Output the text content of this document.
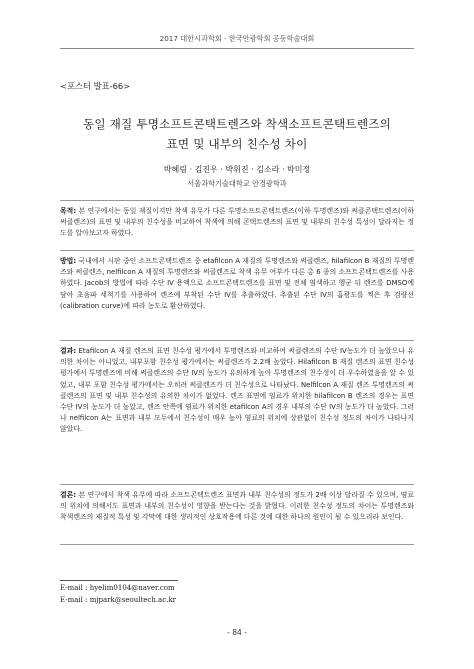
2017 대한시과학회 · 한국안광학회 공동학술대회
<포스터 발표-66>
동일 재질 투명소프트콘택트렌즈와 착색소프트콘택트렌즈의
표면 및 내부의 친수성 차이
박혜림 · 김진우 · 박휘진 · 김소라 · 박미정
서울과학기술대학교 안경광학과
목적: 본 연구에서는 동일 재질이지만 착색 유무가 다른 투명소프트콘택트렌즈(이하 투명렌즈)와 써클콘택트렌즈(이하 써클렌즈)의 표면 및 내부의 친수성을 비교하여 착색에 의해 콘택트렌즈의 표면 및 내부의 친수성 특성이 달라지는 정도를 알아보고자 하였다.
방법: 국내에서 시판 중인 소프트콘택트렌즈 중 etafilcon A 재질의 투명렌즈와 써클렌즈, hilafilcon B 재질의 투명렌즈와 써클렌즈, nelfilcon A 재질의 투명렌즈와 써클렌즈로 착색 유무 여부가 다른 총 6 종의 소프트콘택트렌즈를 사용하였다. Jacob의 방법에 따라 수단 IV 용액으로 소프트콘택트렌즈를 표면 및 전체 염색하고 헹군 뒤 렌즈를 DMSO에 담아 초음파 세척기를 사용하여 렌즈에 부착된 수단 IV를 추출하였다. 추출된 수단 IV의 흡광도를 찍은 후 검량선(calibration curve)에 따라 농도로 환산하였다.
결과: Etafilcon A 재질 렌즈의 표면 친수성 평가에서 투명렌즈와 비교하여 써클렌즈의 수단 IV농도가 더 높았으나 유의한 차이는 아니었고, 내부포함 친수성 평가에서는 써클렌즈가 2.2배 높았다. Hilafilcon B 재질 렌즈의 표면 친수성 평가에서 투명렌즈에 비해 써클렌즈의 수단 IV의 농도가 유의하게 높아 투명렌즈의 친수성이 더 우수하였음을 알 수 있었고, 내부 포함 친수성 평가에서는 오히려 써클렌즈가 더 친수성으로 나타났다. Nelfilcon A 재질 렌즈 투명렌즈의 써클렌즈의 표면 및 내부 친수성의 유의한 차이가 없었다. 렌즈 표면에 염료가 위치한 hilafilcon B 렌즈의 경우는 표면 수단 IV의 농도가 더 높았고, 렌즈 안쪽에 염료가 위치한 etafilcon A의 경우 내부의 수단 IV의 농도가 더 높았다. 그러나 nelfilcon A는 표면과 내부 모두에서 친수성이 매우 높아 염료의 위치에 상관없이 친수성 정도의 차이가 나타나지 않았다.
결론: 본 연구에서 착색 유무에 따라 소프트콘택트렌즈 표면과 내부 친수성의 정도가 2배 이상 달라질 수 있으며, 염료의 위치에 의해서도 표면과 내부의 친수성이 영향을 받는다는 것을 밝혔다. 이러한 친수성 정도의 차이는 투명렌즈와 착색렌즈의 재질적 특성 및 각막에 대한 생리적인 상호작용에 다른 것에 대한 하나의 원인이 될 수 있으리라 보인다.
E-mail : hyelim0104@naver.com
E-mail : mjpark@seoultech.ac.kr
- 84 -
